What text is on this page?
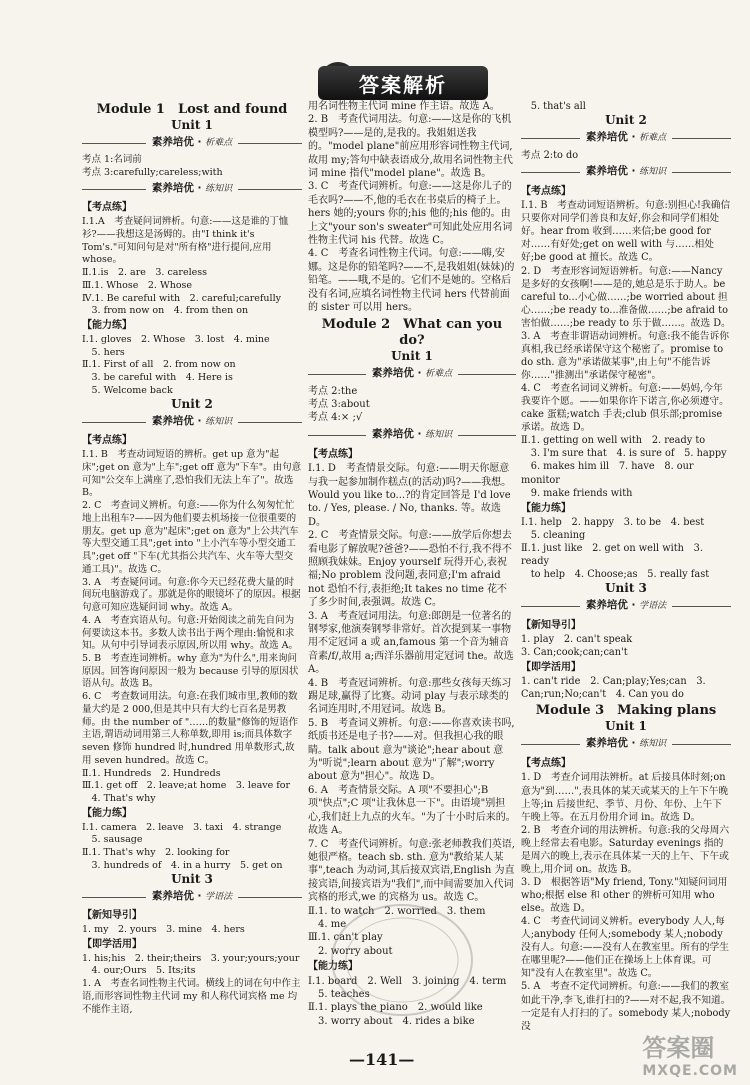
答案解析
Module 1　Lost and found
Unit 1
素养培优 · 析难点
考点 1:名词前
考点 3:carefully;careless;with
素养培优 · 练知识
【考点练】
Ⅰ.1.A　考查疑问词辨析。句意:——这是谁的丁恤衫?——我想这是汤姆的。由"I think it's Tom's."可知问句是对"所有格"进行提问,应用 whose。
Ⅱ.1.is　2. are　3. careless
Ⅲ.1. Whose　2. Whose
Ⅳ.1. Be careful with　2. careful;carefully
　3. from now on　4. from then on
【能力练】
Ⅰ.1. gloves　2. Whose　3. lost　4. mine
　5. hers
Ⅱ.1. First of all　2. from now on
　3. be careful with　4. Here is
　5. Welcome back
Unit 2
素养培优 · 练知识
【考点练】
Ⅰ.1. B　考查动词短语的辨析。get up 意为"起床";get on 意为"上车";get off 意为"下车"。由句意可知"公交车上满座了,恐怕我们无法上车了"。故选 B。
2. C　考查词义辨析。句意:——你为什么匆匆忙忙地上出租车?——因为他们要去机场接一位很重要的朋友。get up 意为"起床";get on 意为"上公共汽车等大型交通工具";get into "上小汽车等小型交通工具";get off "下车(尤其指公共汽车、火车等大型交通工具)"。故选 C。
3. A　考查疑问词。句意:你今天已经花费大量的时间玩电脑游戏了。那就是你的眼镜坏了的原因。根据句意可知应选疑问词 why。故选 A。
4. A　考查宾语从句。句意:开始阅读之前先自问为何要读这本书。多数人读书出于两个理由:愉悦和求知。从句中引导词表示原因,所以用 why。故选 A。
5. B　考查连词辨析。why 意为"为什么",用来询问原因。回答询问原因一般为 because 引导的原因状语从句。故选 B。
6. C　考查数词用法。句意:在我们城市里,教师的数量大约是 2 000,但是其中只有大约七百名是男教师。由 the number of "……的数量"修饰的短语作主语,谓语动词用第三人称单数,即用 is;而具体数字 seven 修饰 hundred 时,hundred 用单数形式,故用 seven hundred。故选 C。
Ⅱ.1. Hundreds　2. Hundreds
Ⅲ.1. get off　2. leave;at home　3. leave for
　4. That's why
【能力练】
Ⅰ.1. camera　2. leave　3. taxi　4. strange
　5. sausage
Ⅱ.1. That's why　2. looking for
　3. hundreds of　4. in a hurry　5. get on
Unit 3
素养培优 · 学语法
【新知导引】
1. my　2. yours　3. mine　4. hers
【即学活用】
1. his;his　2. their;theirs　3. your;yours;your
　4. our;Ours　5. Its;its
1. A　考查名词性物主代词。横线上的词在句中作主语,而形容词性物主代词 my 和人称代词宾格 me 均不能作主语,
用名词性物主代词 mine 作主语。故选 A。
2. B　考查代词用法。句意:——这是你的飞机模型吗?——是的,是我的。我姐姐送我的。"model plane"前应用形容词性物主代词,故用 my;答句中缺表语成分,故用名词性物主代词 mine 指代"model plane"。故选 B。
3. C　考查代词辨析。句意:——这是你儿子的毛衣吗?——不,他的毛衣在书桌后的椅子上。hers 她的;yours 你的;his 他的;his 他的。由上文"your son's sweater"可知此处应用名词性物主代词 his 代替。故选 C。
4. C　考查名词性物主代词。句意:——嗨,安娜。这是你的铅笔吗?——不,是我姐姐(妹妹)的铅笔。——哦,不是的。它们不是她的。空格后没有名词,应填名词性物主代词 hers 代替前面的 sister 可以用 hers。
Module 2　What can you do?
Unit 1
素养培优 · 析难点
考点 2:the
考点 3:about
考点 4:× ;√
素养培优 · 练知识
【考点练】
Ⅰ.1. D　考查情景交际。句意:——明天你愿意与我一起参加制作糕点(的活动)吗?——我想。Would you like to...?的肯定回答是 I'd love to. / Yes, please. / No, thanks. 等。故选 D。
2. C　考查情景交际。句意:——放学后你想去看电影了解放呢?爸爸?——恐怕不行,我不得不照顾我妹妹。Enjoy yourself 玩得开心,表祝福;No problem 没问题,表同意;I'm afraid not 恐怕不行,表拒绝;It takes no time 花不了多少时间,表强调。故选 C。
3. A　考查冠词用法。句意:郎朗是一位著名的钢琴家,他演奏钢琴非常好。首次提到某一事物用不定冠词 a 或 an,famous 第一个音为辅音音素/f/,故用 a;西洋乐器前用定冠词 the。故选 A。
4. B　考查冠词辨析。句意:那些女孩每天练习踢足球,赢得了比赛。动词 play 与表示球类的名词连用时,不用冠词。故选 B。
5. B　考查词义辨析。句意:——你喜欢读书吗,纸质书还是电子书?——对。但我担心我的眼睛。talk about 意为"谈论";hear about 意为"听说";learn about 意为"了解";worry about 意为"担心"。故选 D。
6. A　考查情景交际。A 项"不要担心";B 项"快点";C 项"让我休息一下"。由语境"别担心,我们赶上九点的火车。"为了十小时后来的。故选 A。
7. C　考查代词辨析。句意:张老师教我们英语,她很严格。teach sb. sth. 意为"教给某人某事",teach 为动词,其后接双宾语,English 为直接宾语,间接宾语为"我们",而中间需要加入代词宾格的形式,we 的宾格为 us。故选 C。
Ⅱ.1. to watch　2. worried　3. them
　4. me
Ⅲ.1. can't play
　2. worry about
【能力练】
Ⅰ.1. board　2. Well　3. joining　4. term
　5. teaches
Ⅱ.1. plays the piano　2. would like
　3. worry about　4. rides a bike
　5. that's all
Unit 2
素养培优 · 析难点
考点 2:to do
素养培优 · 练知识
【考点练】
Ⅰ.1. B　考查动词短语辨析。句意:别担心!我确信只要你对同学们善良和友好,你会和同学们相处好。hear from 收到……来信;be good for 对……有好处;get on well with 与……相处好;be good at 擅长。故选 C。
2. D　考查形容词短语辨析。句意:——Nancy是多好的女孩啊!——是的,她总是乐于助人。be careful to...小心做……;be worried about 担心……;be ready to...准备做……;be afraid to 害怕做……;be ready to 乐于做……。故选 D。
3. A　考查非谓语动词辨析。句意:我不能告诉你真相,我已经承诺保守这个秘密了。promise to do sth. 意为"承诺做某事",由上句"不能告诉你……"推测出"承诺保守秘密"。
4. C　考查名词词义辨析。句意:——妈妈,今年我要许个愿。——如果你许下诺言,你必须遵守。cake 蛋糕;watch 手表;club 俱乐部;promise 承诺。故选 D。
Ⅱ.1. getting on well with　2. ready to
　3. I'm sure that　4. is sure of　5. happy
　6. makes him ill　7. have　8. our monitor
　9. make friends with
【能力练】
Ⅰ.1. help　2. happy　3. to be　4. best
　5. cleaning
Ⅱ.1. just like　2. get on well with　3. ready
　to help　4. Choose;as　5. really fast
Unit 3
素养培优 · 学语法
【新知导引】
1. play　2. can't speak
3. Can;cook;can;can't
【即学活用】
1. can't ride　2. Can;play;Yes;can　3. Can;run;No;can't　4. Can you do
Module 3　Making plans
Unit 1
素养培优 · 练知识
【考点练】
1. D　考查介词用法辨析。at 后接具体时刻;on 意为"到……",表具体的某天或某天的上午下午晚上等;in 后接世纪、季节、月份、年份、上午下午晚上等。在五月份用介词 in。故选 D。
2. B　考查介词的用法辨析。句意:我的父母周六晚上经常去看电影。Saturday evenings 指的是周六的晚上,表示在具体某一天的上午、下午或晚上,用介词 on。故选 B。
3. D　根据答语"My friend, Tony."知疑问词用 who;根据 else 和 other 的辨析可知用 who else。故选 D。
4. C　考查代词词义辨析。everybody 人人,每人;anybody 任何人;somebody 某人;nobody 没有人。句意:——没有人在教室里。所有的学生在哪里呢?——他们正在操场上上体育课。可知"没有人在教室里"。故选 C。
5. A　考查不定代词辨析。句意:——我们的教室如此干净,李飞,谁打扫的?——对不起,我不知道。一定是有人打扫的了。somebody 某人;nobody 没
—141—	答案圈
MXQE.COM
